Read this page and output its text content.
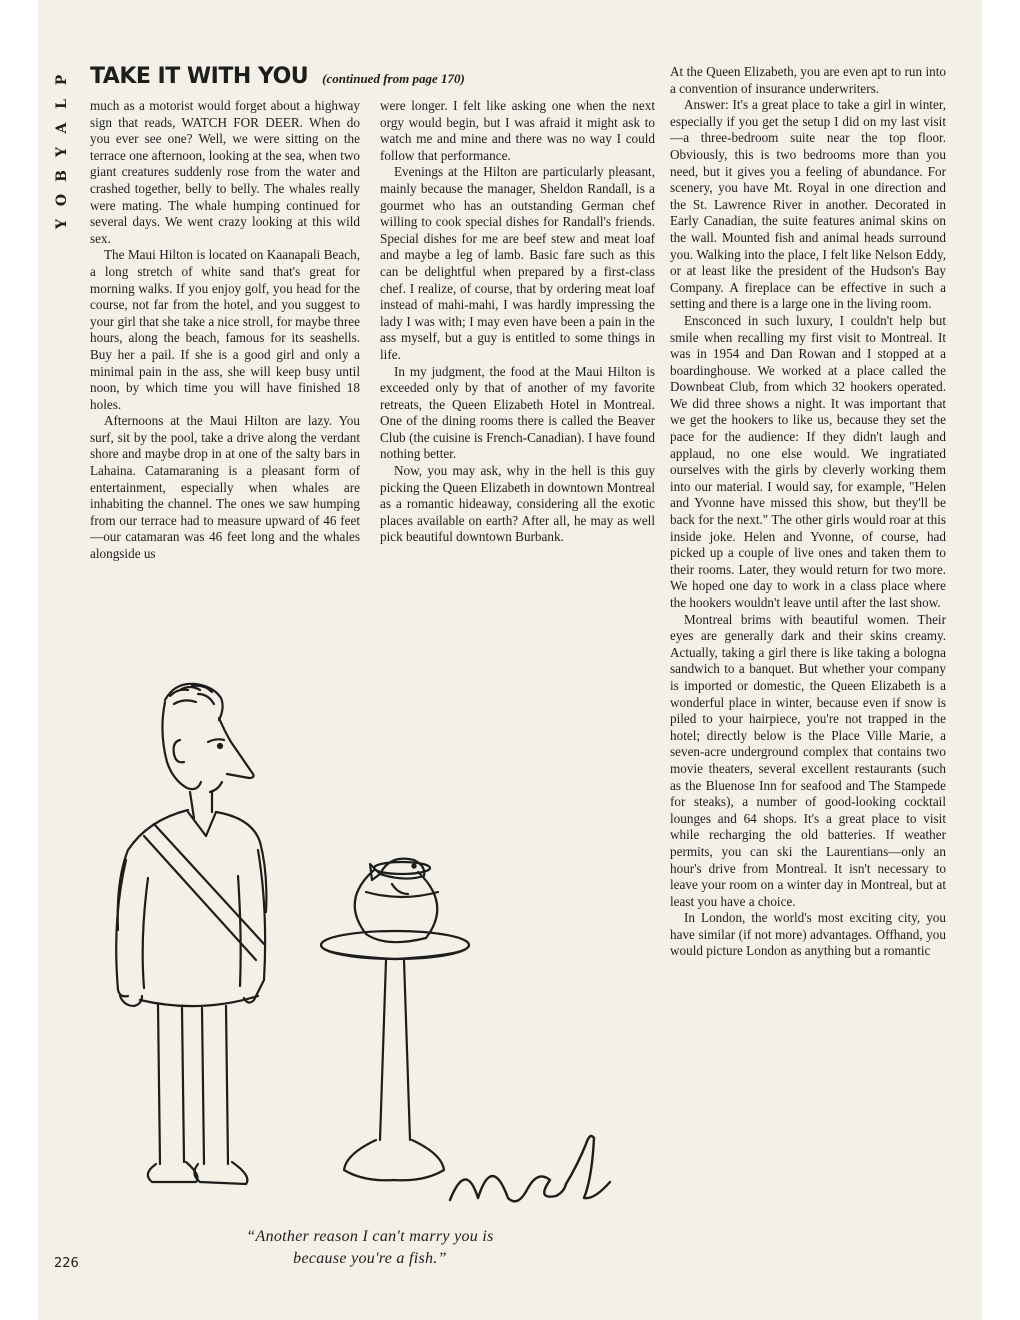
P
L
A
Y
B
O
Y
TAKE IT WITH YOU (continued from page 170)

much as a motorist would forget about a highway sign that reads, WATCH FOR DEER. When do you ever see one? Well, we were sitting on the terrace one afternoon, looking at the sea, when two giant creatures suddenly rose from the water and crashed together, belly to belly. The whales really were mating. The whale humping continued for several days. We went crazy looking at this wild sex.

The Maui Hilton is located on Kaanapali Beach, a long stretch of white sand that's great for morning walks. If you enjoy golf, you head for the course, not far from the hotel, and you suggest to your girl that she take a nice stroll, for maybe three hours, along the beach, famous for its seashells. Buy her a pail. If she is a good girl and only a minimal pain in the ass, she will keep busy until noon, by which time you will have finished 18 holes.

Afternoons at the Maui Hilton are lazy. You surf, sit by the pool, take a drive along the verdant shore and maybe drop in at one of the salty bars in Lahaina. Catamaraning is a pleasant form of entertainment, especially when whales are inhabiting the channel. The ones we saw humping from our terrace had to measure upward of 46 feet—our catamaran was 46 feet long and the whales alongside us

were longer. I felt like asking one when the next orgy would begin, but I was afraid it might ask to watch me and mine and there was no way I could follow that performance.

Evenings at the Hilton are particularly pleasant, mainly because the manager, Sheldon Randall, is a gourmet who has an outstanding German chef willing to cook special dishes for Randall's friends. Special dishes for me are beef stew and meat loaf and maybe a leg of lamb. Basic fare such as this can be delightful when prepared by a first-class chef. I realize, of course, that by ordering meat loaf instead of mahi-mahi, I was hardly impressing the lady I was with; I may even have been a pain in the ass myself, but a guy is entitled to some things in life.

In my judgment, the food at the Maui Hilton is exceeded only by that of another of my favorite retreats, the Queen Elizabeth Hotel in Montreal. One of the dining rooms there is called the Beaver Club (the cuisine is French-Canadian). I have found nothing better.

Now, you may ask, why in the hell is this guy picking the Queen Elizabeth in downtown Montreal as a romantic hideaway, considering all the exotic places available on earth? After all, he may as well pick beautiful downtown Burbank.

At the Queen Elizabeth, you are even apt to run into a convention of insurance underwriters.

Answer: It's a great place to take a girl in winter, especially if you get the setup I did on my last visit—a three-bedroom suite near the top floor. Obviously, this is two bedrooms more than you need, but it gives you a feeling of abundance. For scenery, you have Mt. Royal in one direction and the St. Lawrence River in another. Decorated in Early Canadian, the suite features animal skins on the wall. Mounted fish and animal heads surround you. Walking into the place, I felt like Nelson Eddy, or at least like the president of the Hudson's Bay Company. A fireplace can be effective in such a setting and there is a large one in the living room.

Ensconced in such luxury, I couldn't help but smile when recalling my first visit to Montreal. It was in 1954 and Dan Rowan and I stopped at a boardinghouse. We worked at a place called the Downbeat Club, from which 32 hookers operated. We did three shows a night. It was important that we get the hookers to like us, because they set the pace for the audience: If they didn't laugh and applaud, no one else would. We ingratiated ourselves with the girls by cleverly working them into our material. I would say, for example, "Helen and Yvonne have missed this show, but they'll be back for the next." The other girls would roar at this inside joke. Helen and Yvonne, of course, had picked up a couple of live ones and taken them to their rooms. Later, they would return for two more. We hoped one day to work in a class place where the hookers wouldn't leave until after the last show.

Montreal brims with beautiful women. Their eyes are generally dark and their skins creamy. Actually, taking a girl there is like taking a bologna sandwich to a banquet. But whether your company is imported or domestic, the Queen Elizabeth is a wonderful place in winter, because even if snow is piled to your hairpiece, you're not trapped in the hotel; directly below is the Place Ville Marie, a seven-acre underground complex that contains two movie theaters, several excellent restaurants (such as the Bluenose Inn for seafood and The Stampede for steaks), a number of good-looking cocktail lounges and 64 shops. It's a great place to visit while recharging the old batteries. If weather permits, you can ski the Laurentians—only an hour's drive from Montreal. It isn't necessary to leave your room on a winter day in Montreal, but at least you have a choice.

In London, the world's most exciting city, you have similar (if not more) advantages. Offhand, you would picture London as anything but a romantic

“Another reason I can't marry you is
because you're a fish.”
226
